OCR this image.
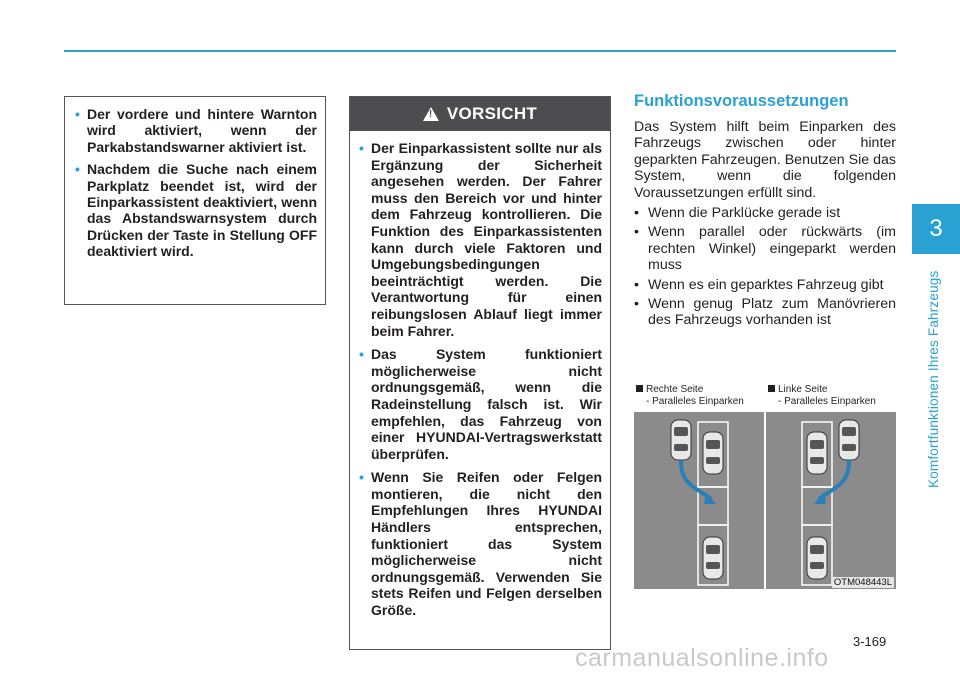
3
Komfortfunktionen Ihres Fahrzeugs
• Der vordere und hintere Warnton wird aktiviert, wenn der Parkabstandswarner aktiviert ist.
• Nachdem die Suche nach einem Parkplatz beendet ist, wird der Einparkassistent deaktiviert, wenn das Abstandswarnsystem durch Drücken der Taste in Stellung OFF deaktiviert wird.
!
VORSICHT
• Der Einparkassistent sollte nur als Ergänzung der Sicherheit angesehen werden. Der Fahrer muss den Bereich vor und hinter dem Fahrzeug kontrollieren. Die Funktion des Einparkassistenten kann durch viele Faktoren und Umgebungsbedingungen beeinträchtigt werden. Die Verantwortung für einen reibungslosen Ablauf liegt immer beim Fahrer.
• Das System funktioniert möglicherweise nicht ordnungsgemäß, wenn die Radeinstellung falsch ist. Wir empfehlen, das Fahrzeug von einer HYUNDAI-Vertragswerkstatt überprüfen.
• Wenn Sie Reifen oder Felgen montieren, die nicht den Empfehlungen Ihres HYUNDAI Händlers entsprechen, funktioniert das System möglicherweise nicht ordnungsgemäß. Verwenden Sie stets Reifen und Felgen derselben Größe.
Funktionsvoraussetzungen

Das System hilft beim Einparken des Fahrzeugs zwischen oder hinter geparkten Fahrzeugen. Benutzen Sie das System, wenn die folgenden Voraussetzungen erfüllt sind.

• Wenn die Parklücke gerade ist
• Wenn parallel oder rückwärts (im rechten Winkel) eingeparkt werden muss
• Wenn es ein geparktes Fahrzeug gibt
• Wenn genug Platz zum Manövrieren des Fahrzeugs vorhanden ist
Rechte Seite
- Paralleles Einparken
Linke Seite
- Paralleles Einparken
OTM048443L
3-169
carmanualsonline.info
